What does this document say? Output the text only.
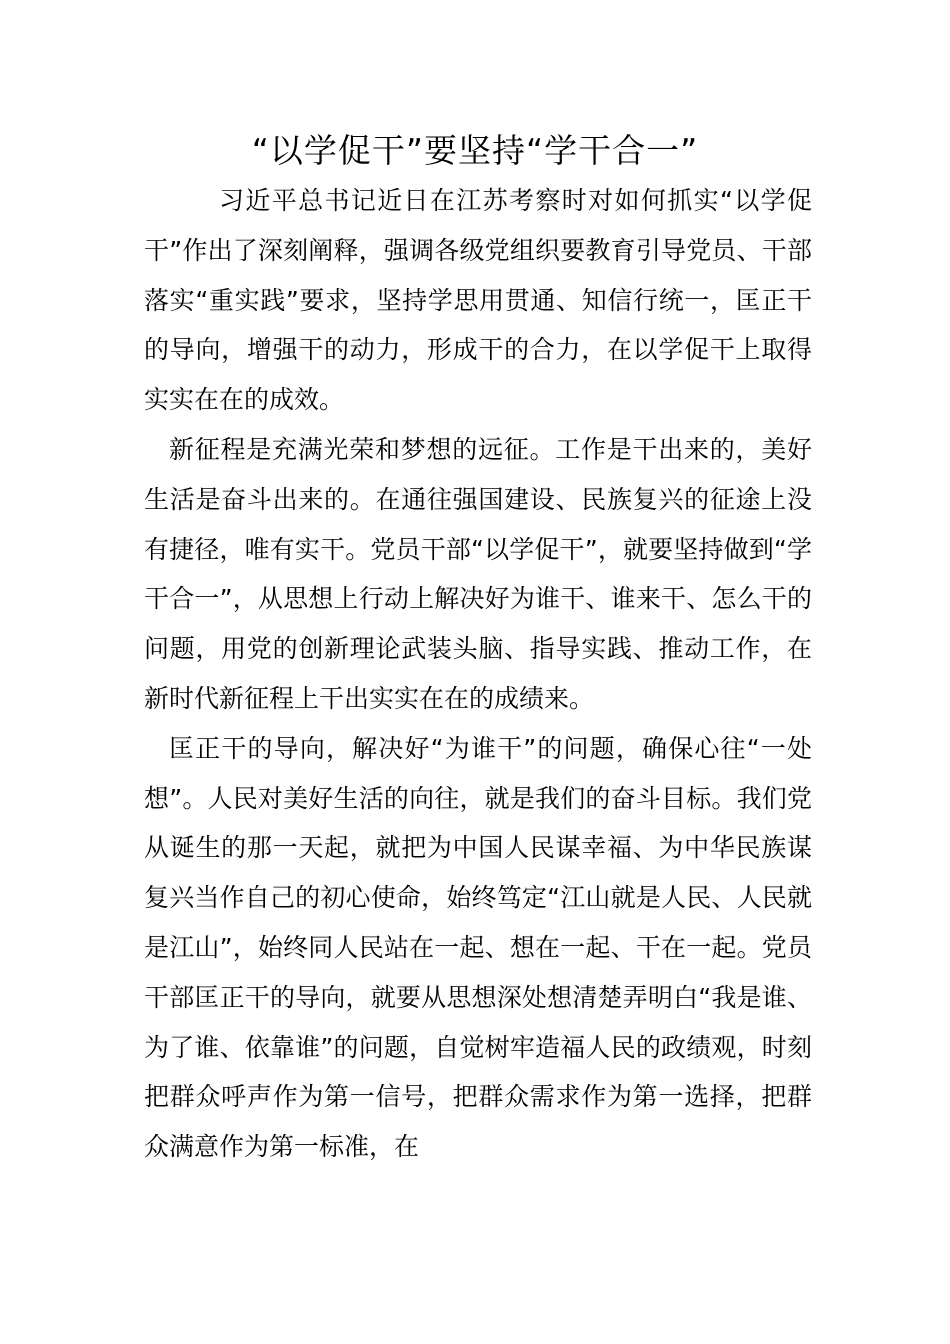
“以学促干”要坚持“学干合一”

习近平总书记近日在江苏考察时对如何抓实“以学促干”作出了深刻阐释，强调各级党组织要教育引导党员、干部落实“重实践”要求，坚持学思用贯通、知信行统一，匡正干的导向，增强干的动力，形成干的合力，在以学促干上取得实实在在的成效。

新征程是充满光荣和梦想的远征。工作是干出来的，美好生活是奋斗出来的。在通往强国建设、民族复兴的征途上没有捷径，唯有实干。党员干部“以学促干”，就要坚持做到“学干合一”，从思想上行动上解决好为谁干、谁来干、怎么干的问题，用党的创新理论武装头脑、指导实践、推动工作，在新时代新征程上干出实实在在的成绩来。

匡正干的导向，解决好“为谁干”的问题，确保心往“一处想”。人民对美好生活的向往，就是我们的奋斗目标。我们党从诞生的那一天起，就把为中国人民谋幸福、为中华民族谋复兴当作自己的初心使命，始终笃定“江山就是人民、人民就是江山”，始终同人民站在一起、想在一起、干在一起。党员干部匡正干的导向，就要从思想深处想清楚弄明白“我是谁、为了谁、依靠谁”的问题，自觉树牢造福人民的政绩观，时刻把群众呼声作为第一信号，把群众需求作为第一选择，把群众满意作为第一标准，在
